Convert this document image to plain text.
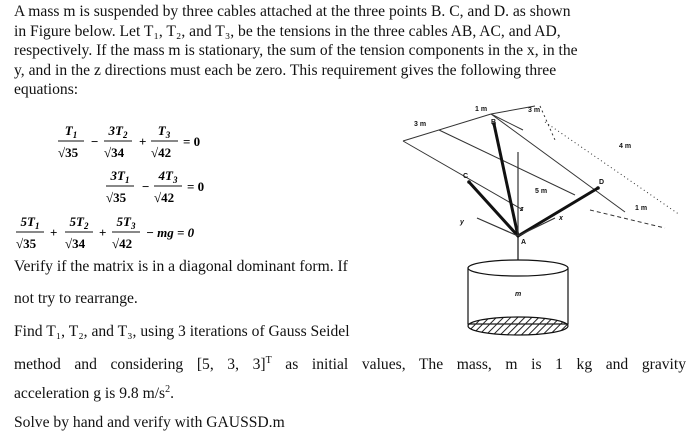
A mass m is suspended by three cables attached at the three points B. C, and D. as shown
in Figure below. Let T₁, T₂, and T₃, be the tensions in the three cables AB, AC, and AD,
respectively. If the mass m is stationary, the sum of the tension components in the x, in the
y, and in the z directions must each be zero. This requirement gives the following three
equations:
$T_1$
√35
−
$3T_2$
√34
+
$T_3$
√42
= 0
$3T_1$
√35
−
$4T_3$
√42
= 0
$5T_1$
√35
+
$5T_2$
√34
+
$5T_3$
√42
− mg = 0
3 m
1 m	3 m
4 m
5 m
1 m
B
C
D
A
x
y
z
m
Verify if the matrix is in a diagonal dominant form. If
not try to rearrange.
Find T₁, T₂, and T₃, using 3 iterations of Gauss Seidel
method and considering [5, 3, 3]$^T$ as initial values, The mass, m is 1 kg and gravity
acceleration g is 9.8 $m/s^2$.
Solve by hand and verify with GAUSSD.m
